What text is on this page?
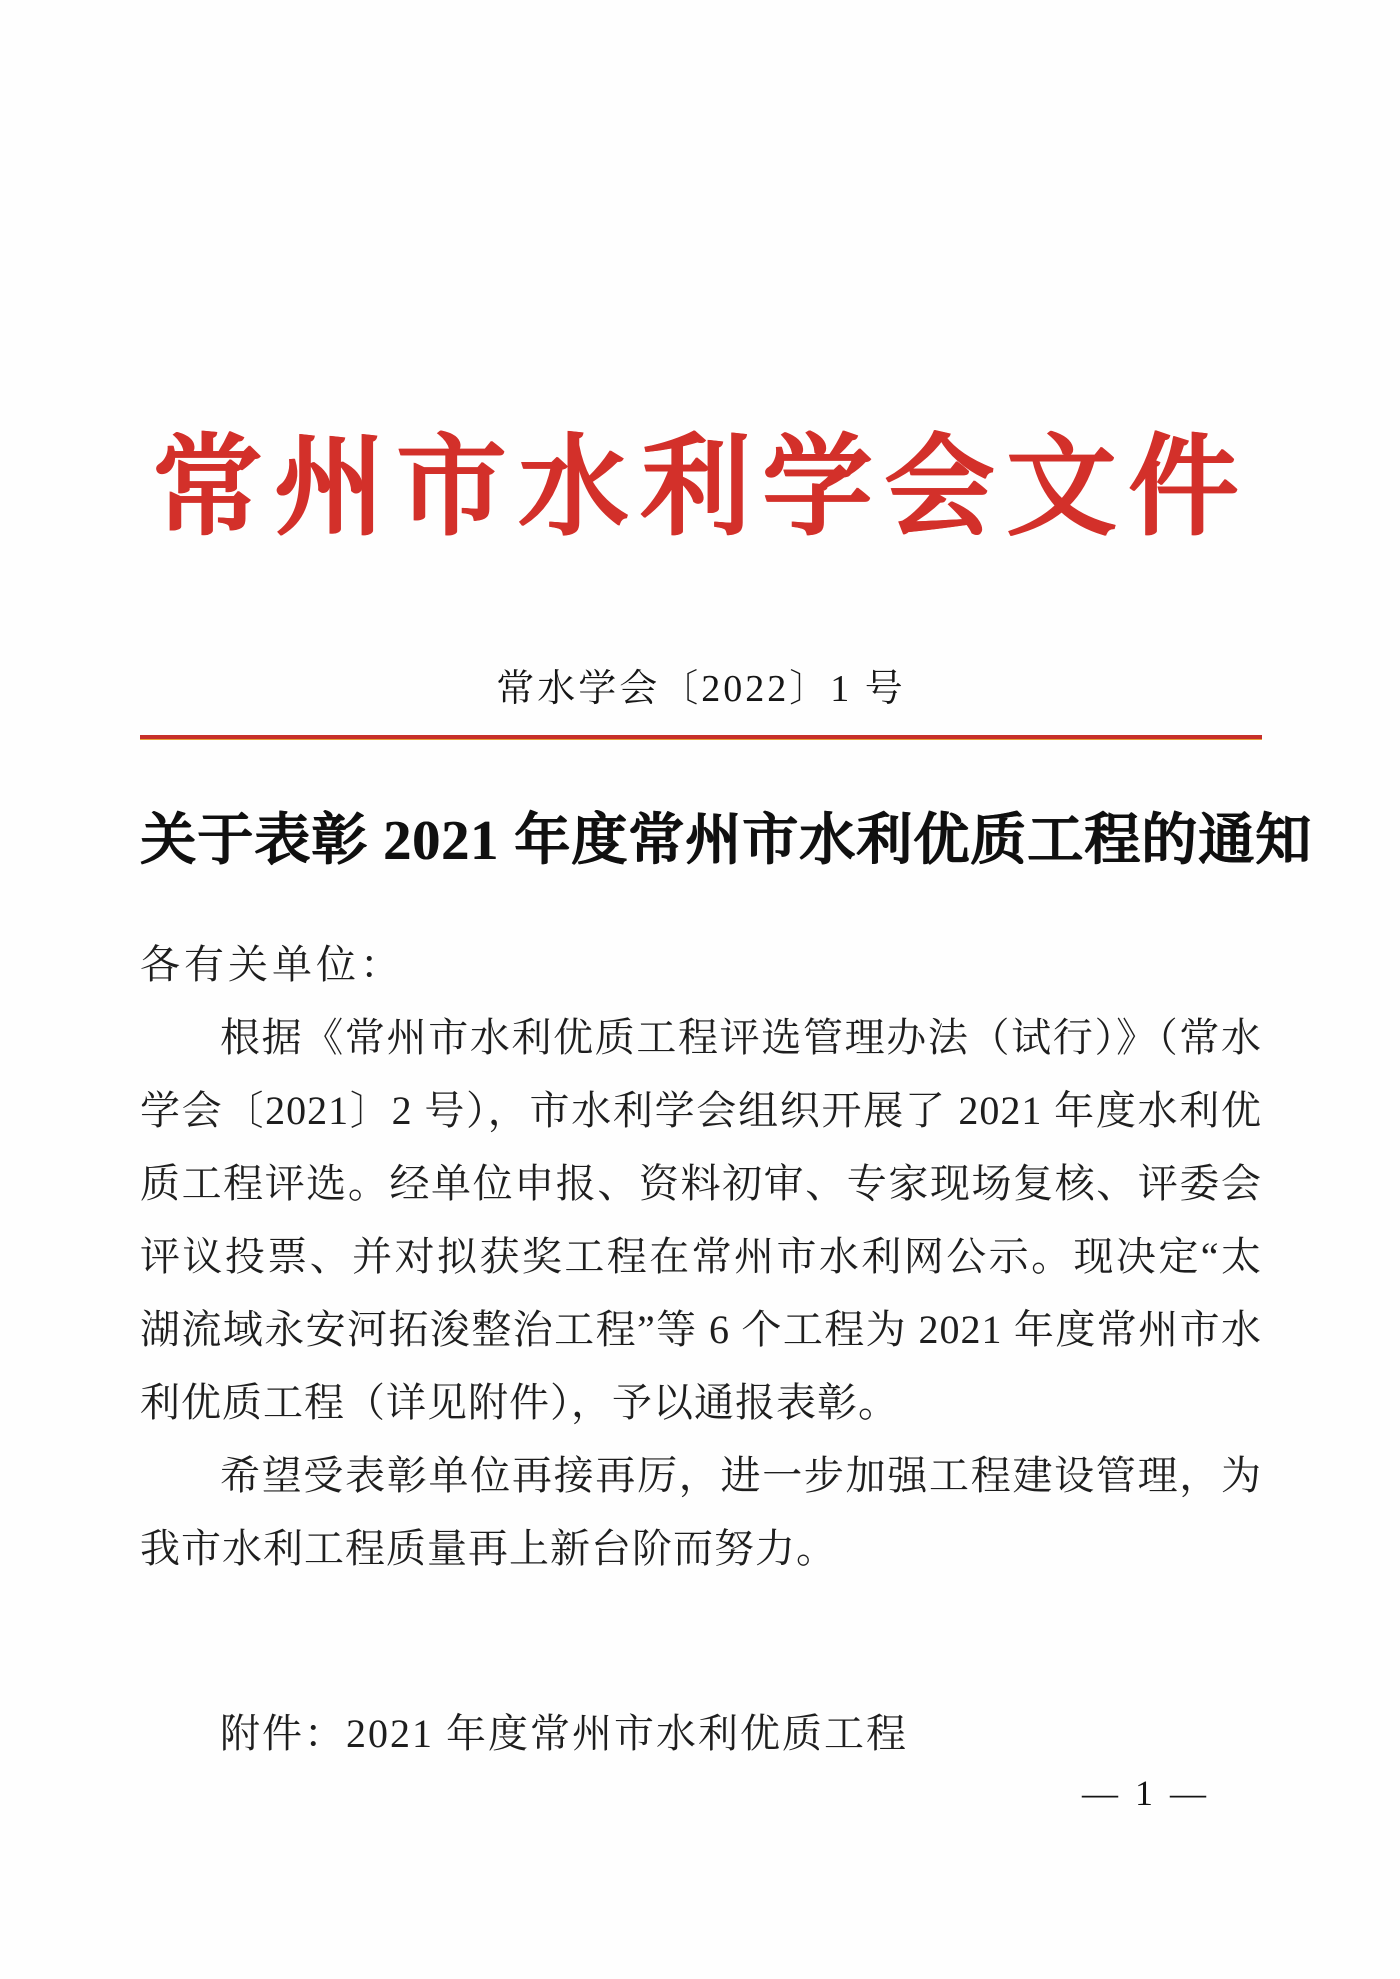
常州市水利学会文件
常水学会〔2022〕1 号
关于表彰 2021 年度常州市水利优质工程的通知
各有关单位：

根据《常州市水利优质工程评选管理办法（试行）》（常水学会〔2021〕2 号），市水利学会组织开展了 2021 年度水利优质工程评选。经单位申报、资料初审、专家现场复核、评委会评议投票、并对拟获奖工程在常州市水利网公示。现决定“太湖流域永安河拓浚整治工程”等 6 个工程为 2021 年度常州市水利优质工程（详见附件），予以通报表彰。

希望受表彰单位再接再厉，进一步加强工程建设管理，为我市水利工程质量再上新台阶而努力。

附件：2021 年度常州市水利优质工程
— 1 —
